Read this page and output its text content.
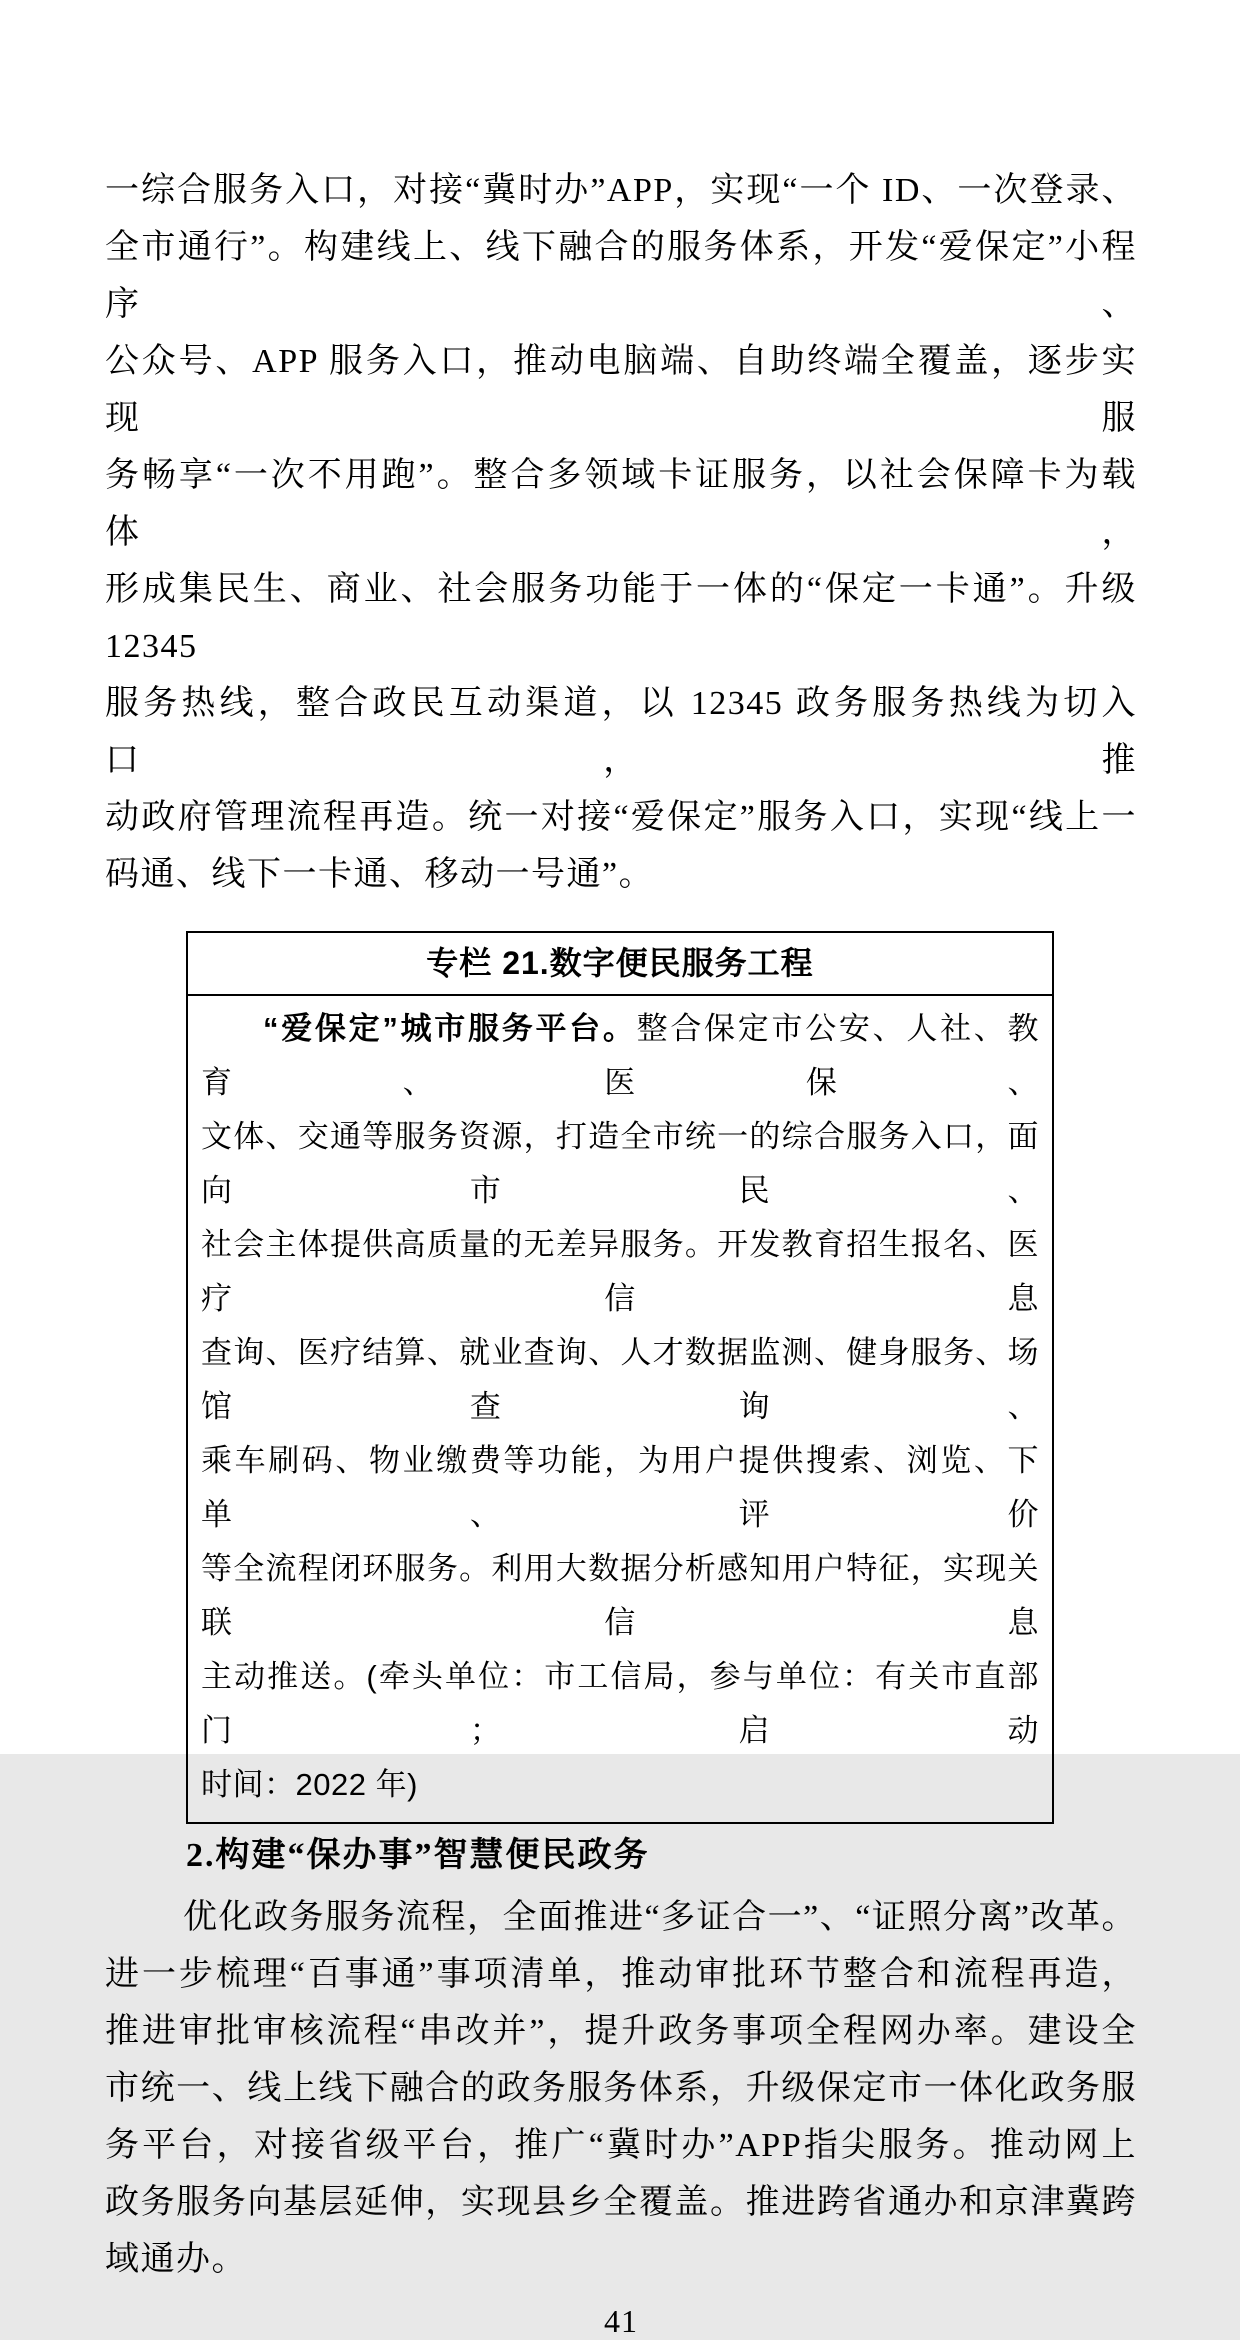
一综合服务入口，对接“冀时办”APP，实现“一个 ID、一次登录、
全市通行”。构建线上、线下融合的服务体系，开发“爱保定”小程序、
公众号、APP 服务入口，推动电脑端、自助终端全覆盖，逐步实现服
务畅享“一次不用跑”。整合多领域卡证服务，以社会保障卡为载体，
形成集民生、商业、社会服务功能于一体的“保定一卡通”。升级 12345
服务热线，整合政民互动渠道，以 12345 政务服务热线为切入口，推
动政府管理流程再造。统一对接“爱保定”服务入口，实现“线上一
码通、线下一卡通、移动一号通”。
专栏 21.数字便民服务工程
“爱保定”城市服务平台。整合保定市公安、人社、教育、医保、
文体、交通等服务资源，打造全市统一的综合服务入口，面向市民、
社会主体提供高质量的无差异服务。开发教育招生报名、医疗信息
查询、医疗结算、就业查询、人才数据监测、健身服务、场馆查询、
乘车刷码、物业缴费等功能，为用户提供搜索、浏览、下单、评价
等全流程闭环服务。利用大数据分析感知用户特征，实现关联信息
主动推送。(牵头单位：市工信局，参与单位：有关市直部门；启动
时间：2022 年)
2.构建“保办事”智慧便民政务
优化政务服务流程，全面推进“多证合一”、“证照分离”改革。
进一步梳理“百事通”事项清单，推动审批环节整合和流程再造，
推进审批审核流程“串改并”，提升政务事项全程网办率。建设全
市统一、线上线下融合的政务服务体系，升级保定市一体化政务服
务平台，对接省级平台，推广“冀时办”APP指尖服务。推动网上
政务服务向基层延伸，实现县乡全覆盖。推进跨省通办和京津冀跨
域通办。
41
